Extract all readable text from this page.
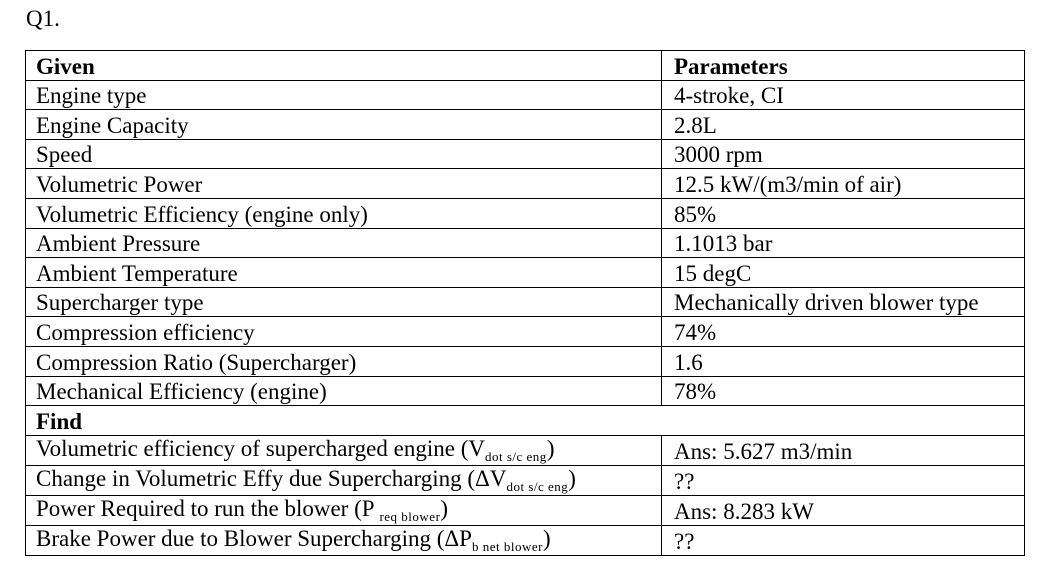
Q1.
Given	Parameters
Engine type	4-stroke, CI
Engine Capacity	2.8L
Speed	3000 rpm
Volumetric Power	12.5 kW/(m3/min of air)
Volumetric Efficiency (engine only)	85%
Ambient Pressure	1.1013 bar
Ambient Temperature	15 degC
Supercharger type	Mechanically driven blower type
Compression efficiency	74%
Compression Ratio (Supercharger)	1.6
Mechanical Efficiency (engine)	78%
Find	
Volumetric efficiency of supercharged engine $(V_{dot s/c eng})$	Ans: 5.627 m3/min
Change in Volumetric Effy due Supercharging $(\Delta V_{dot s/c eng})$	??
Power Required to run the blower (P $_{req blower}$)	Ans: 8.283 kW
Brake Power due to Blower Supercharging $(\Delta P_{b net blower})$	??
